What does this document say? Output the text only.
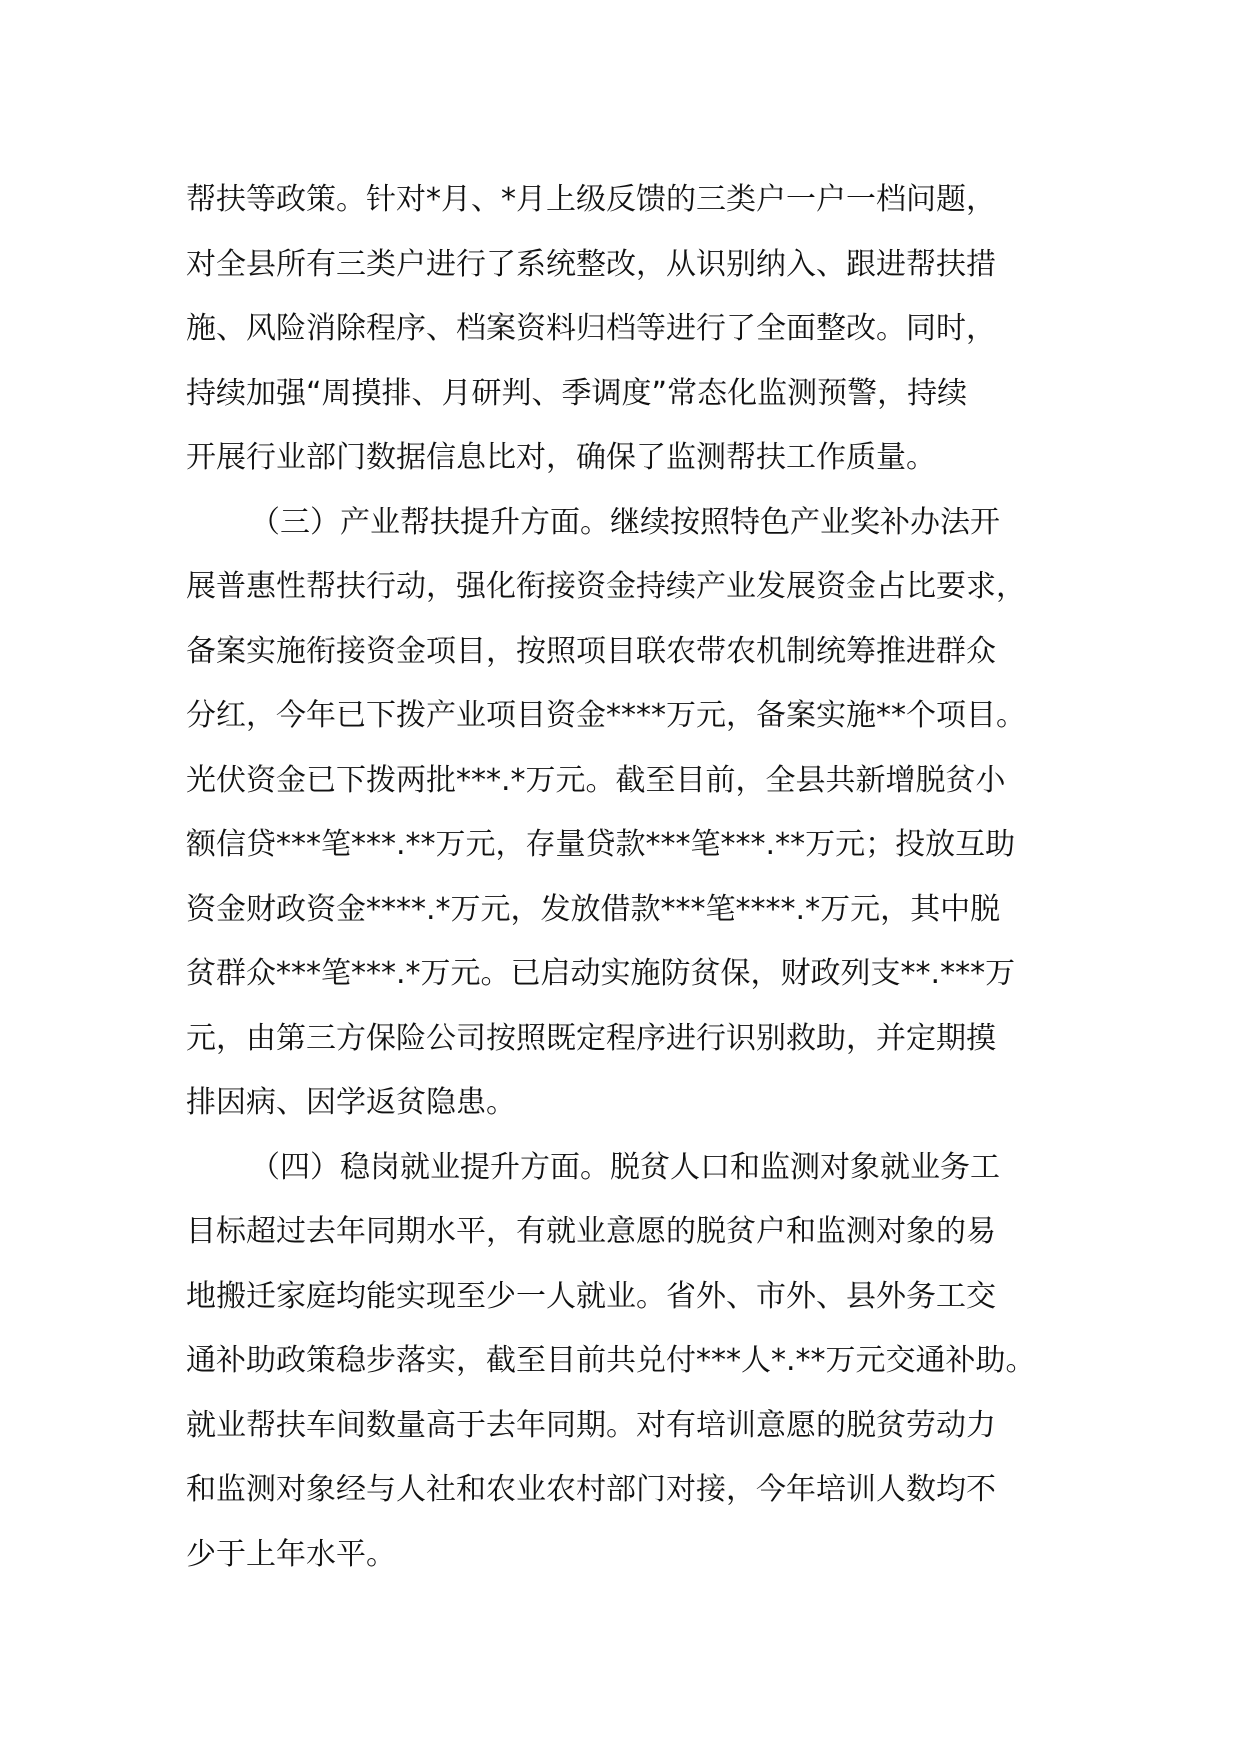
帮扶等政策。针对*月、*月上级反馈的三类户一户一档问题，
对全县所有三类户进行了系统整改，从识别纳入、跟进帮扶措
施、风险消除程序、档案资料归档等进行了全面整改。同时，
持续加强“周摸排、月研判、季调度”常态化监测预警，持续
开展行业部门数据信息比对，确保了监测帮扶工作质量。
（三）产业帮扶提升方面。继续按照特色产业奖补办法开
展普惠性帮扶行动，强化衔接资金持续产业发展资金占比要求，
备案实施衔接资金项目，按照项目联农带农机制统筹推进群众
分红，今年已下拨产业项目资金****万元，备案实施**个项目。
光伏资金已下拨两批***.*万元。截至目前，全县共新增脱贫小
额信贷***笔***.**万元，存量贷款***笔***.**万元；投放互助
资金财政资金****.*万元，发放借款***笔****.*万元，其中脱
贫群众***笔***.*万元。已启动实施防贫保，财政列支**.***万
元，由第三方保险公司按照既定程序进行识别救助，并定期摸
排因病、因学返贫隐患。
（四）稳岗就业提升方面。脱贫人口和监测对象就业务工
目标超过去年同期水平，有就业意愿的脱贫户和监测对象的易
地搬迁家庭均能实现至少一人就业。省外、市外、县外务工交
通补助政策稳步落实，截至目前共兑付***人*.**万元交通补助。
就业帮扶车间数量高于去年同期。对有培训意愿的脱贫劳动力
和监测对象经与人社和农业农村部门对接，今年培训人数均不
少于上年水平。
